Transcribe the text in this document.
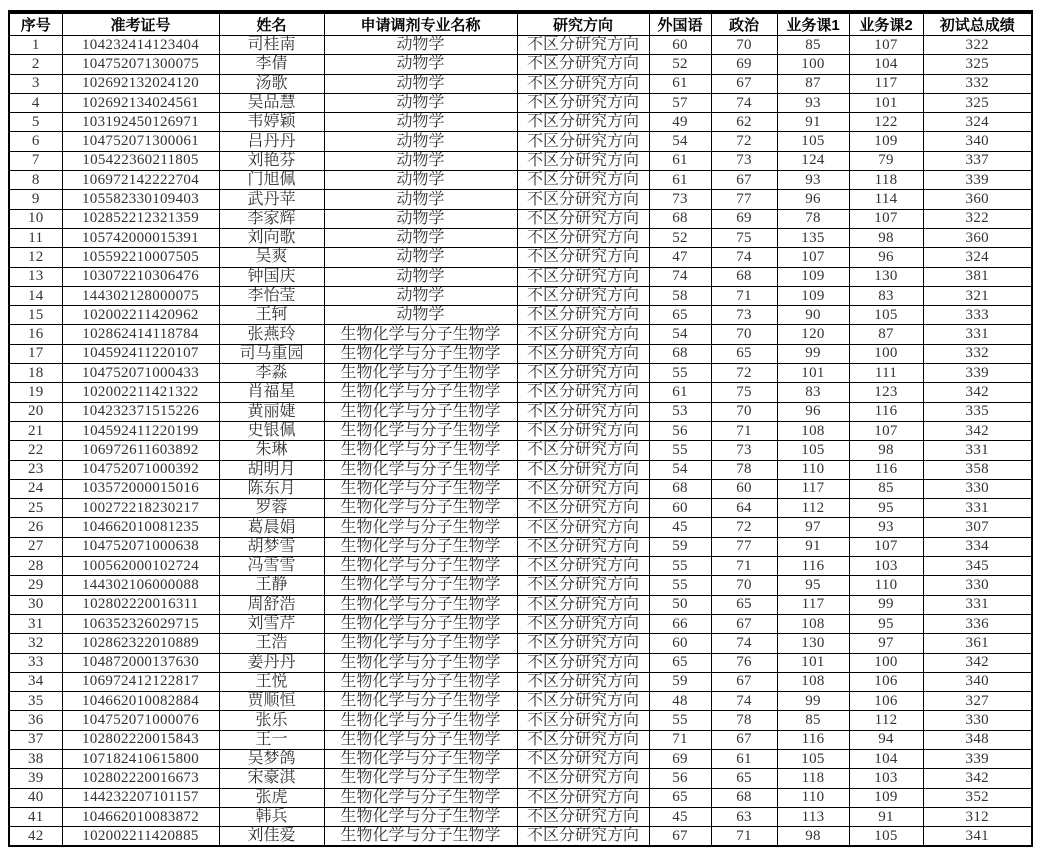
序号	准考证号	姓名	申请调剂专业名称	研究方向	外国语	政治	业务课1	业务课2	初试总成绩
1	104232414123404	司桂南	动物学	不区分研究方向	60	70	85	107	322
2	104752071300075	李倩	动物学	不区分研究方向	52	69	100	104	325
3	102692132024120	汤歌	动物学	不区分研究方向	61	67	87	117	332
4	102692134024561	吴品慧	动物学	不区分研究方向	57	74	93	101	325
5	103192450126971	韦婷颖	动物学	不区分研究方向	49	62	91	122	324
6	104752071300061	吕丹丹	动物学	不区分研究方向	54	72	105	109	340
7	105422360211805	刘艳芬	动物学	不区分研究方向	61	73	124	79	337
8	106972142222704	门旭佩	动物学	不区分研究方向	61	67	93	118	339
9	105582330109403	武丹苹	动物学	不区分研究方向	73	77	96	114	360
10	102852212321359	李家辉	动物学	不区分研究方向	68	69	78	107	322
11	105742000015391	刘向歌	动物学	不区分研究方向	52	75	135	98	360
12	105592210007505	吴爽	动物学	不区分研究方向	47	74	107	96	324
13	103072210306476	钟国庆	动物学	不区分研究方向	74	68	109	130	381
14	144302128000075	李怡莹	动物学	不区分研究方向	58	71	109	83	321
15	102002211420962	王轲	动物学	不区分研究方向	65	73	90	105	333
16	102862414118784	张燕玲	生物化学与分子生物学	不区分研究方向	54	70	120	87	331
17	104592411220107	司马重园	生物化学与分子生物学	不区分研究方向	68	65	99	100	332
18	104752071000433	李淼	生物化学与分子生物学	不区分研究方向	55	72	101	111	339
19	102002211421322	肖福星	生物化学与分子生物学	不区分研究方向	61	75	83	123	342
20	104232371515226	黄丽婕	生物化学与分子生物学	不区分研究方向	53	70	96	116	335
21	104592411220199	史银佩	生物化学与分子生物学	不区分研究方向	56	71	108	107	342
22	106972611603892	朱琳	生物化学与分子生物学	不区分研究方向	55	73	105	98	331
23	104752071000392	胡明月	生物化学与分子生物学	不区分研究方向	54	78	110	116	358
24	103572000015016	陈东月	生物化学与分子生物学	不区分研究方向	68	60	117	85	330
25	100272218230217	罗蓉	生物化学与分子生物学	不区分研究方向	60	64	112	95	331
26	104662010081235	葛晨娟	生物化学与分子生物学	不区分研究方向	45	72	97	93	307
27	104752071000638	胡梦雪	生物化学与分子生物学	不区分研究方向	59	77	91	107	334
28	100562000102724	冯雪雪	生物化学与分子生物学	不区分研究方向	55	71	116	103	345
29	144302106000088	王静	生物化学与分子生物学	不区分研究方向	55	70	95	110	330
30	102802220016311	周舒浩	生物化学与分子生物学	不区分研究方向	50	65	117	99	331
31	106352326029715	刘雪芹	生物化学与分子生物学	不区分研究方向	66	67	108	95	336
32	102862322010889	王浩	生物化学与分子生物学	不区分研究方向	60	74	130	97	361
33	104872000137630	姜丹丹	生物化学与分子生物学	不区分研究方向	65	76	101	100	342
34	106972412122817	王悦	生物化学与分子生物学	不区分研究方向	59	67	108	106	340
35	104662010082884	贾顺恒	生物化学与分子生物学	不区分研究方向	48	74	99	106	327
36	104752071000076	张乐	生物化学与分子生物学	不区分研究方向	55	78	85	112	330
37	102802220015843	王一	生物化学与分子生物学	不区分研究方向	71	67	116	94	348
38	107182410615800	吴梦鸽	生物化学与分子生物学	不区分研究方向	69	61	105	104	339
39	102802220016673	宋豪淇	生物化学与分子生物学	不区分研究方向	56	65	118	103	342
40	144232207101157	张虎	生物化学与分子生物学	不区分研究方向	65	68	110	109	352
41	104662010083872	韩兵	生物化学与分子生物学	不区分研究方向	45	63	113	91	312
42	102002211420885	刘佳爱	生物化学与分子生物学	不区分研究方向	67	71	98	105	341
